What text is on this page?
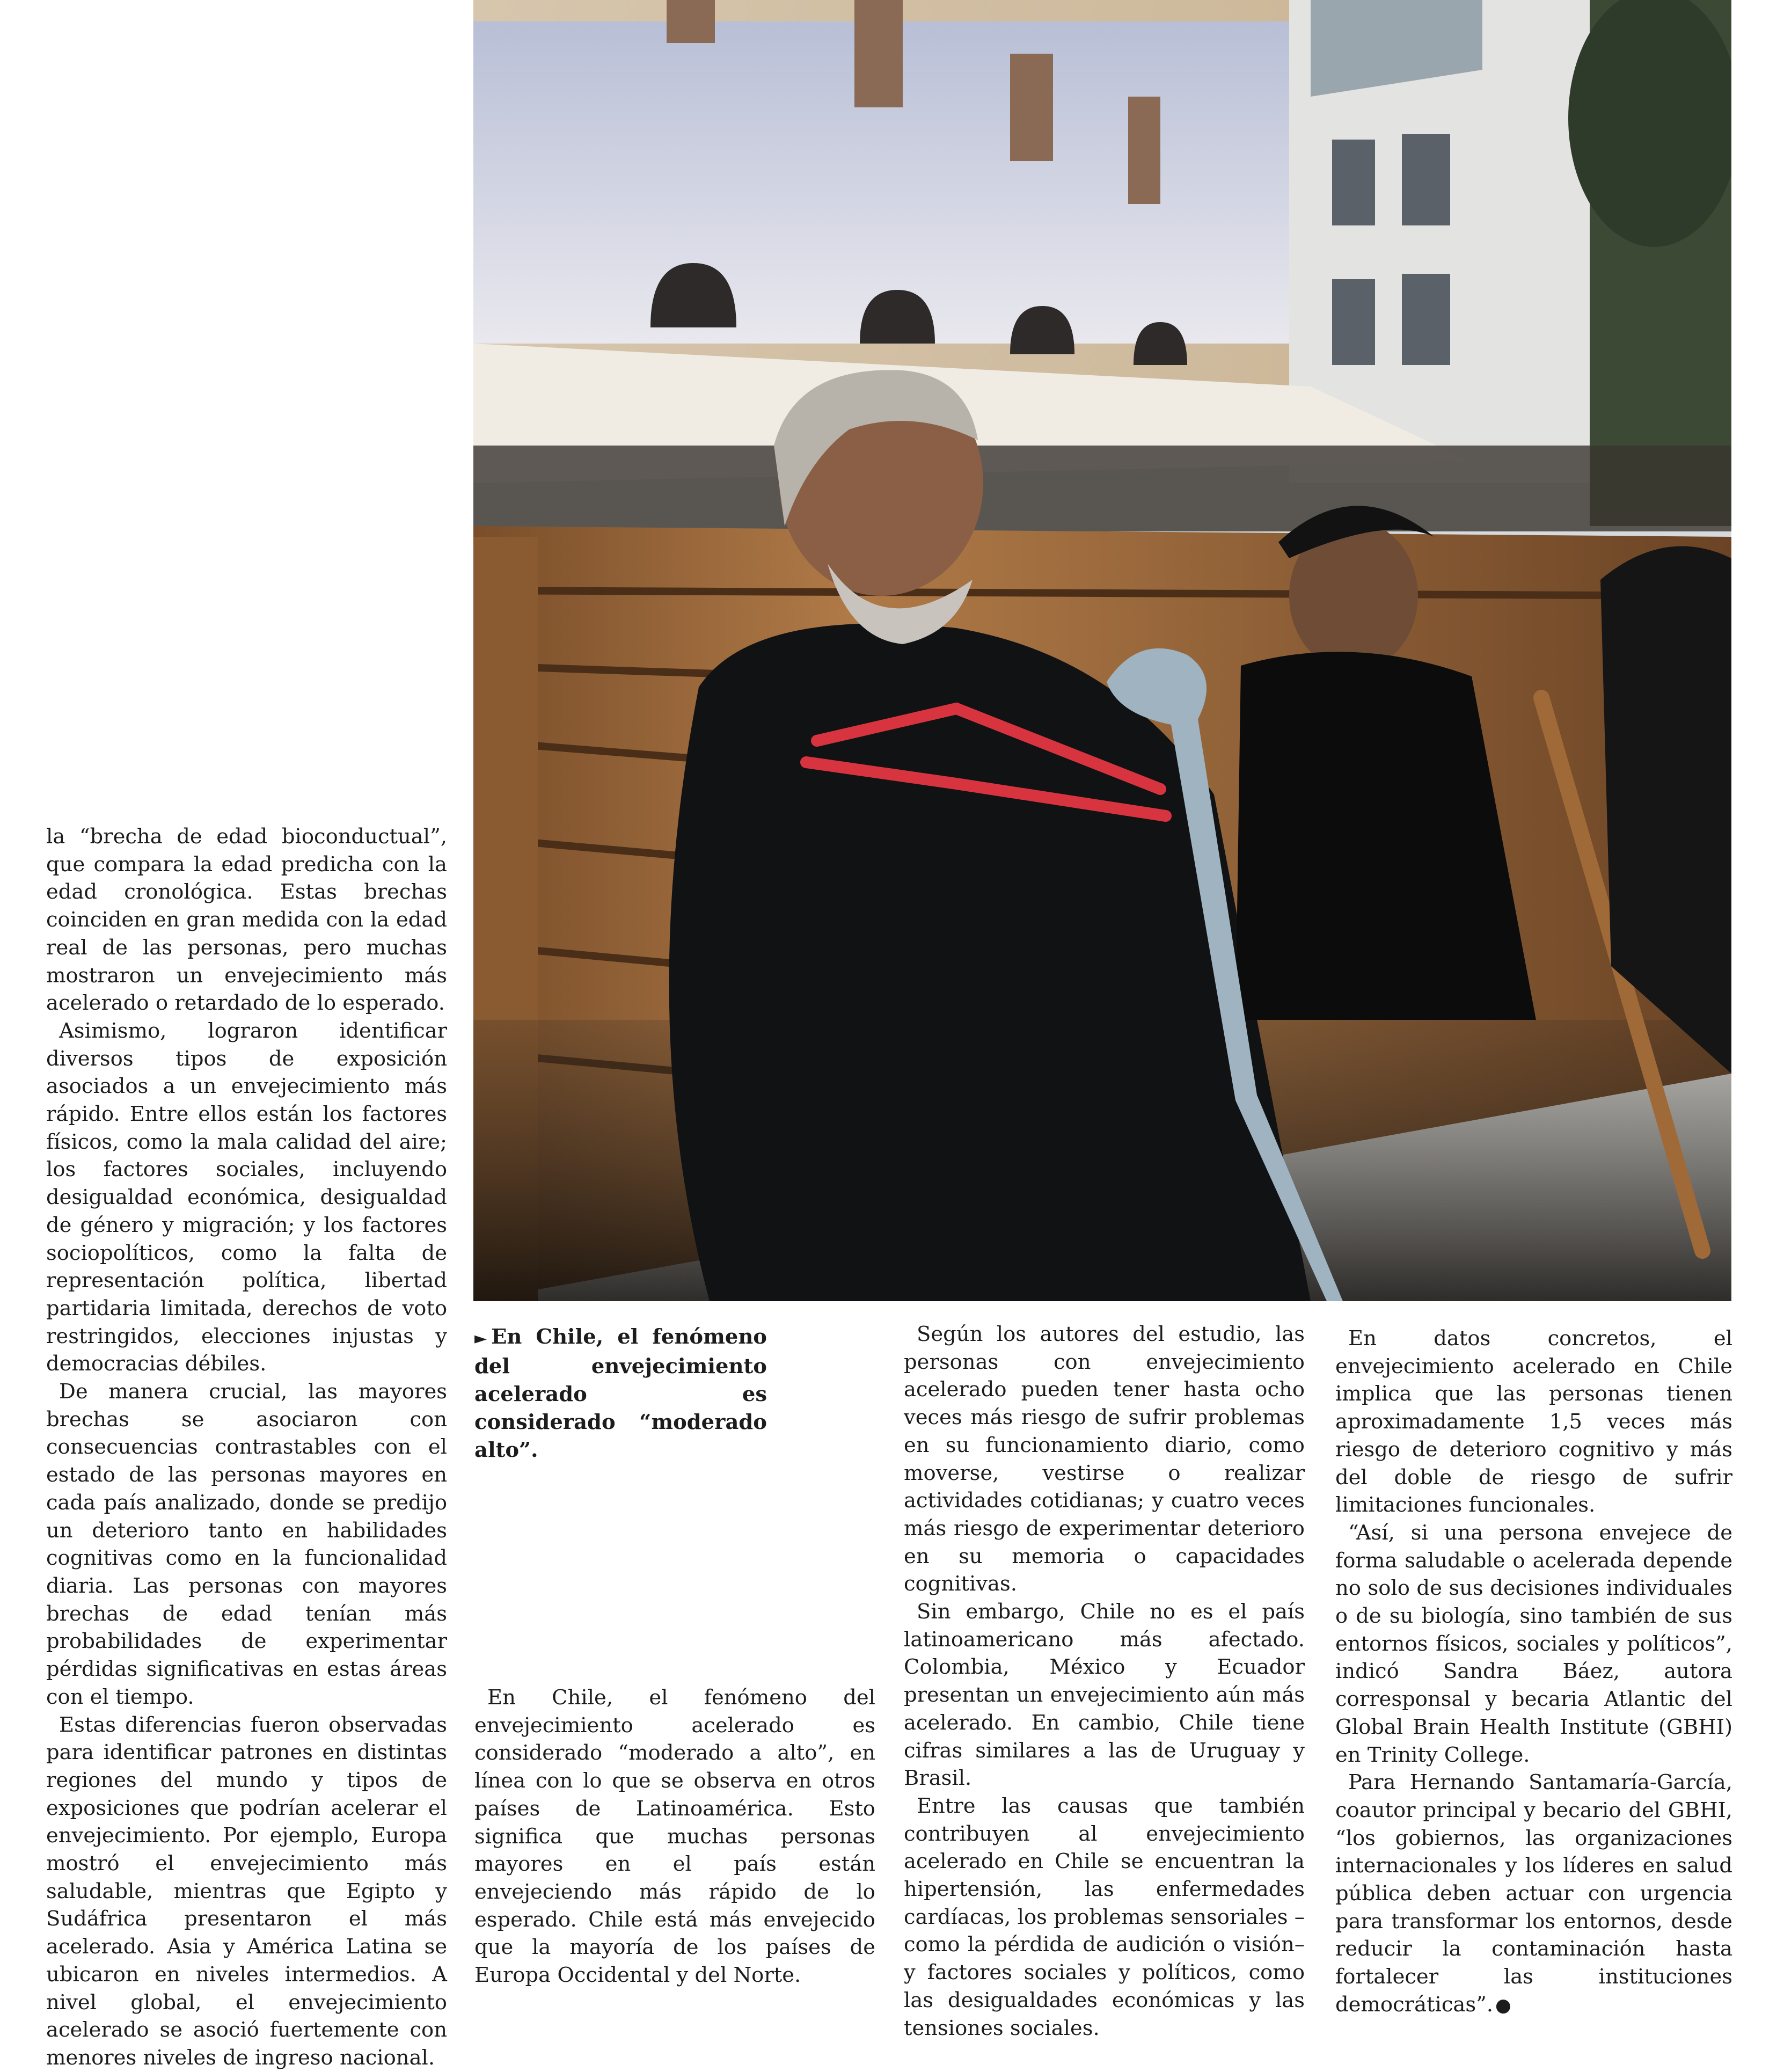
► En Chile, el fenómeno del envejecimiento acelerado es considerado “moderado alto”.

la “brecha de edad bioconductual”, que compara la edad predicha con la edad cronológica. Estas brechas coinciden en gran medida con la edad real de las personas, pero muchas mostraron un envejecimiento más acelerado o retardado de lo esperado.

Asimismo, lograron identificar diversos tipos de exposición asociados a un envejecimiento más rápido. Entre ellos están los factores físicos, como la mala calidad del aire; los factores sociales, incluyendo desigualdad económica, desigualdad de género y migración; y los factores sociopolíticos, como la falta de representación política, libertad partidaria limitada, derechos de voto restringidos, elecciones injustas y democracias débiles.

De manera crucial, las mayores brechas se asociaron con consecuencias contrastables con el estado de las personas mayores en cada país analizado, donde se predijo un deterioro tanto en habilidades cognitivas como en la funcionalidad diaria. Las personas con mayores brechas de edad tenían más probabilidades de experimentar pérdidas significativas en estas áreas con el tiempo.

Estas diferencias fueron observadas para identificar patrones en distintas regiones del mundo y tipos de exposiciones que podrían acelerar el envejecimiento. Por ejemplo, Europa mostró el envejecimiento más saludable, mientras que Egipto y Sudáfrica presentaron el más acelerado. Asia y América Latina se ubicaron en niveles intermedios. A nivel global, el envejecimiento acelerado se asoció fuertemente con menores niveles de ingreso nacional.

En Chile, el fenómeno del envejecimiento acelerado es considerado “moderado a alto”, en línea con lo que se observa en otros países de Latinoamérica. Esto significa que muchas personas mayores en el país están envejeciendo más rápido de lo esperado. Chile está más envejecido que la mayoría de los países de Europa Occidental y del Norte.

Según los autores del estudio, las personas con envejecimiento acelerado pueden tener hasta ocho veces más riesgo de sufrir problemas en su funcionamiento diario, como moverse, vestirse o realizar actividades cotidianas; y cuatro veces más riesgo de experimentar deterioro en su memoria o capacidades cognitivas.

Sin embargo, Chile no es el país latinoamericano más afectado. Colombia, México y Ecuador presentan un envejecimiento aún más acelerado. En cambio, Chile tiene cifras similares a las de Uruguay y Brasil.

Entre las causas que también contribuyen al envejecimiento acelerado en Chile se encuentran la hipertensión, las enfermedades cardíacas, los problemas sensoriales –como la pérdida de audición o visión– y factores sociales y políticos, como las desigualdades económicas y las tensiones sociales.

En datos concretos, el envejecimiento acelerado en Chile implica que las personas tienen aproximadamente 1,5 veces más riesgo de deterioro cognitivo y más del doble de riesgo de sufrir limitaciones funcionales.

“Así, si una persona envejece de forma saludable o acelerada depende no solo de sus decisiones individuales o de su biología, sino también de sus entornos físicos, sociales y políticos”, indicó Sandra Báez, autora corresponsal y becaria Atlantic del Global Brain Health Institute (GBHI) en Trinity College.

Para Hernando Santamaría-García, coautor principal y becario del GBHI, “los gobiernos, las organizaciones internacionales y los líderes en salud pública deben actuar con urgencia para transformar los entornos, desde reducir la contaminación hasta fortalecer las instituciones democráticas”. ●
